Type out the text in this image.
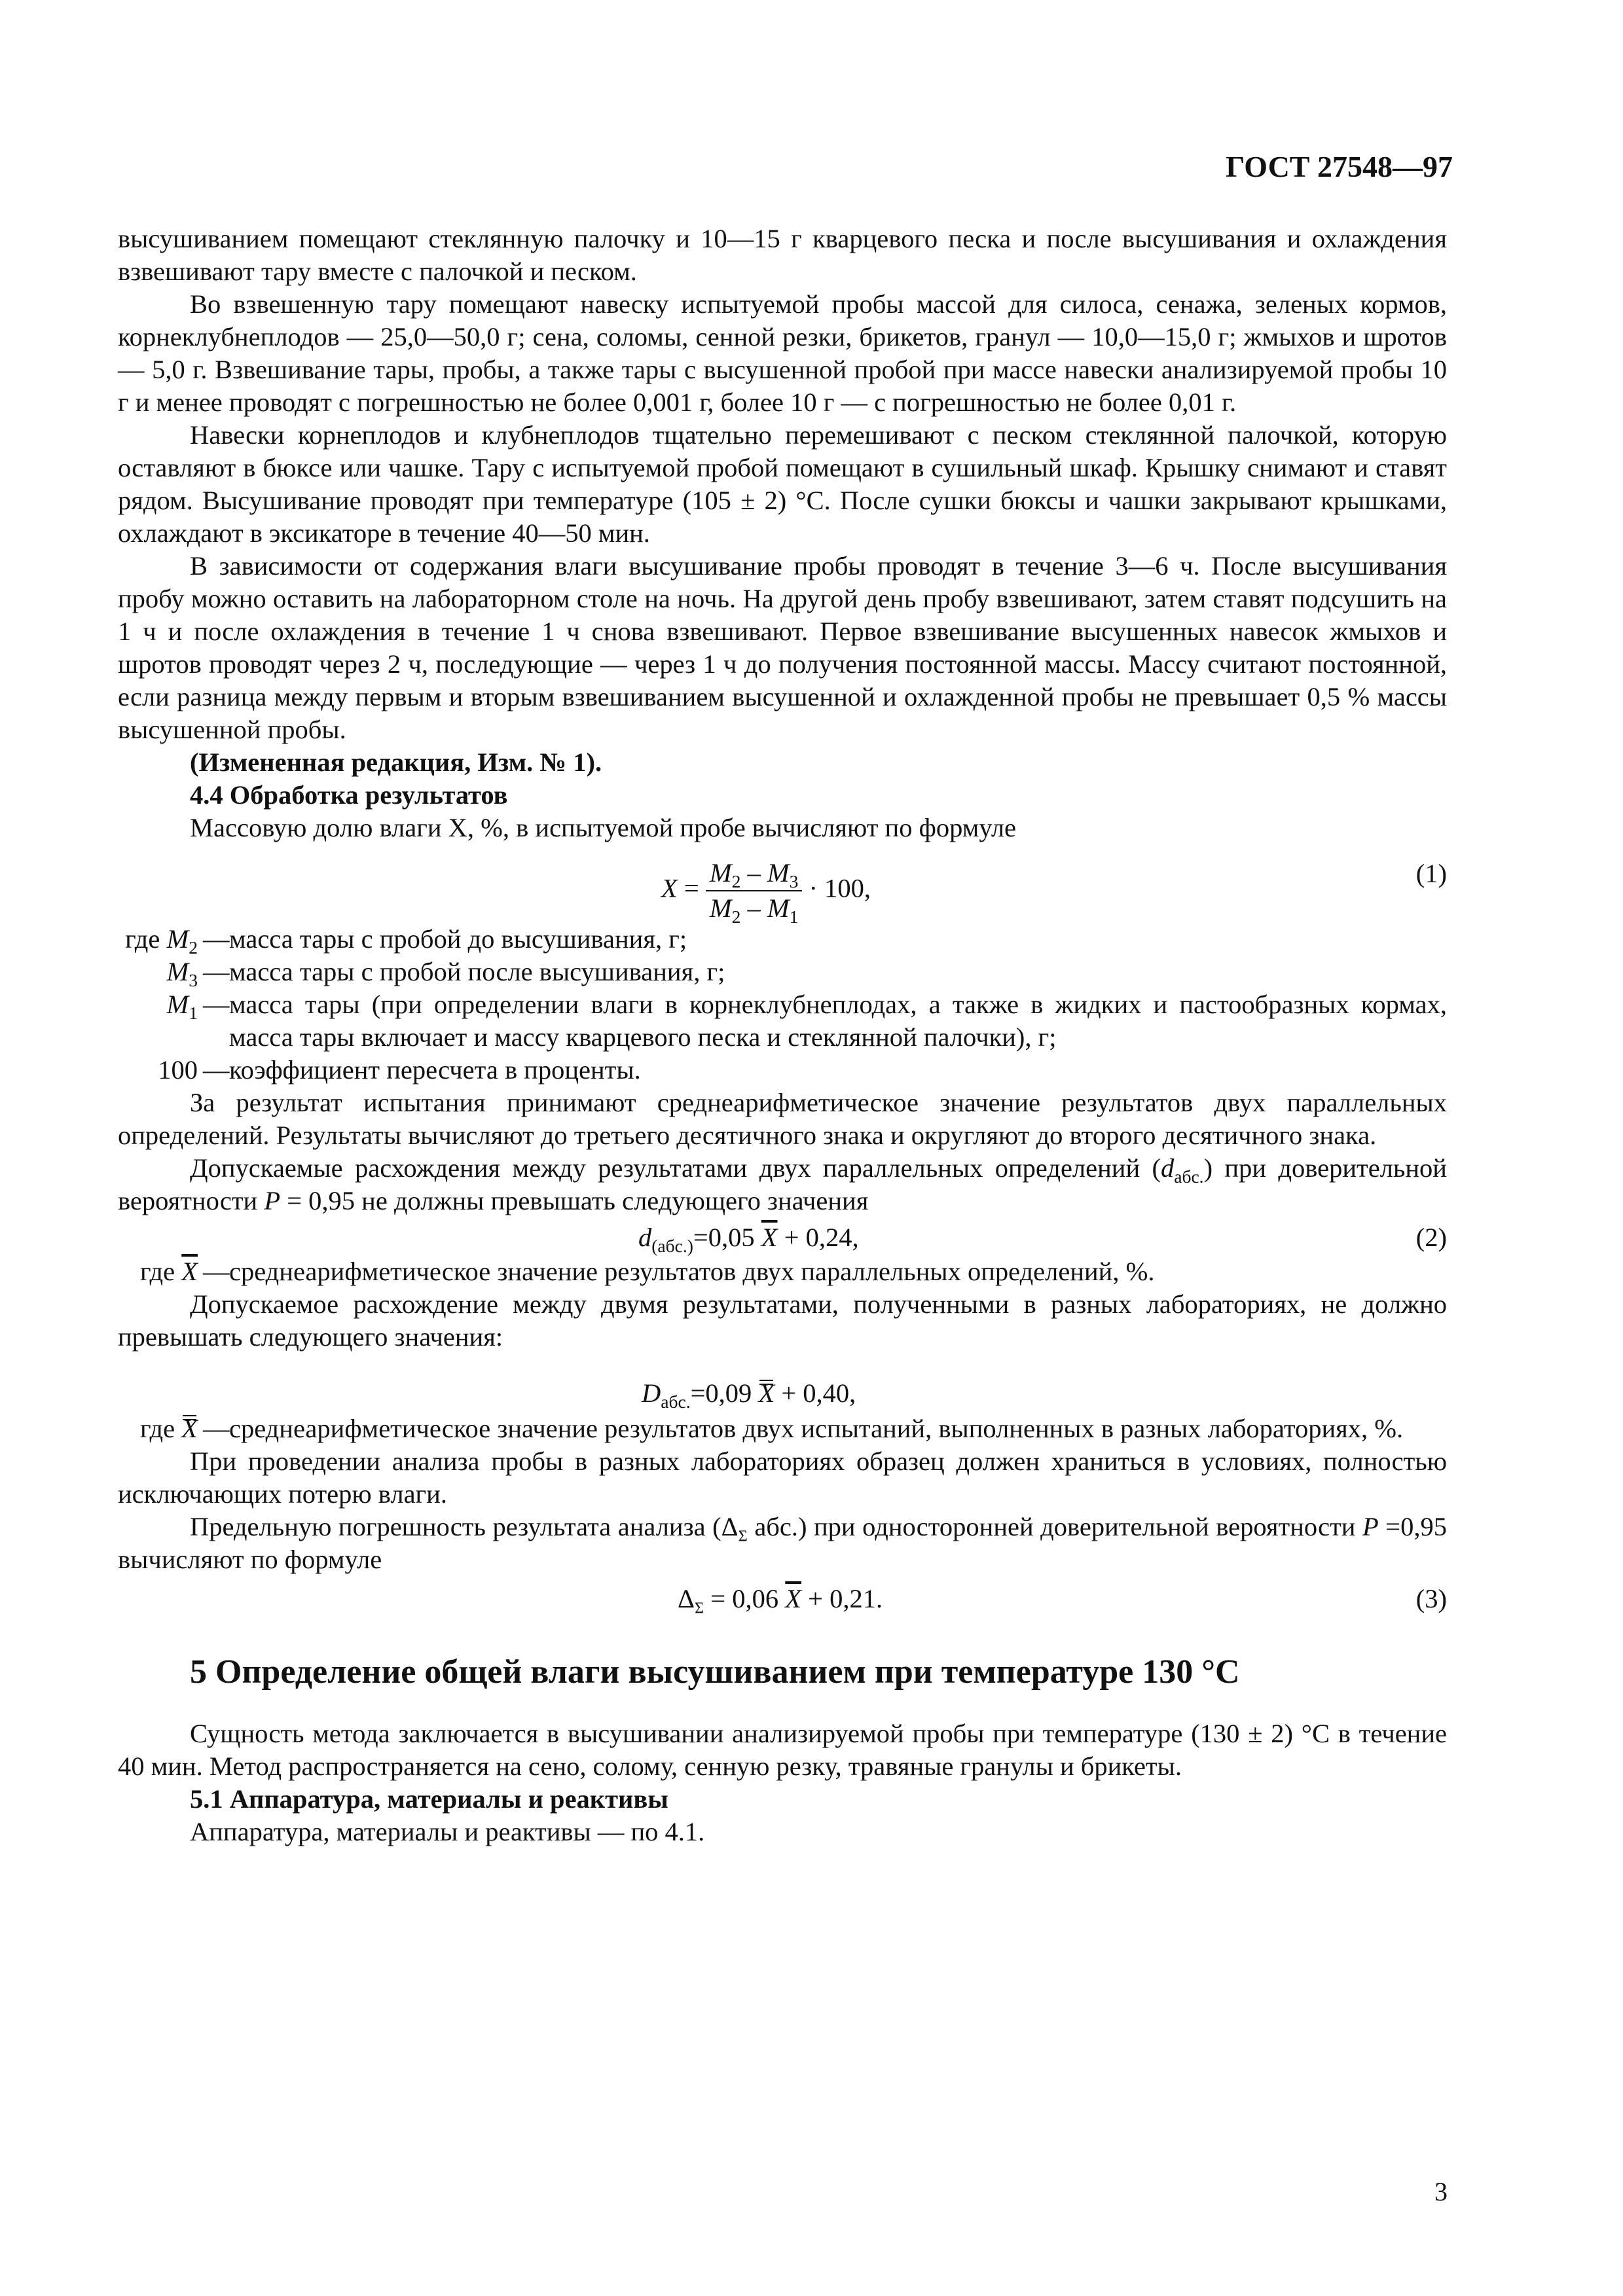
ГОСТ 27548—97

высушиванием помещают стеклянную палочку и 10—15 г кварцевого песка и после высушивания и охлаждения взвешивают тару вместе с палочкой и песком.

Во взвешенную тару помещают навеску испытуемой пробы массой для силоса, сенажа, зеленых кормов, корнеклубнеплодов — 25,0—50,0 г; сена, соломы, сенной резки, брикетов, гранул — 10,0—15,0 г; жмыхов и шротов — 5,0 г. Взвешивание тары, пробы, а также тары с высушенной пробой при массе навески анализируемой пробы 10 г и менее проводят с погрешностью не более 0,001 г, более 10 г — с погрешностью не более 0,01 г.

Навески корнеплодов и клубнеплодов тщательно перемешивают с песком стеклянной палочкой, которую оставляют в бюксе или чашке. Тару с испытуемой пробой помещают в сушильный шкаф. Крышку снимают и ставят рядом. Высушивание проводят при температуре (105 ± 2) °С. После сушки бюксы и чашки закрывают крышками, охлаждают в эксикаторе в течение 40—50 мин.

В зависимости от содержания влаги высушивание пробы проводят в течение 3—6 ч. После высушивания пробу можно оставить на лабораторном столе на ночь. На другой день пробу взвешивают, затем ставят подсушить на 1 ч и после охлаждения в течение 1 ч снова взвешивают. Первое взвешивание высушенных навесок жмыхов и шротов проводят через 2 ч, последующие — через 1 ч до получения постоянной массы. Массу считают постоянной, если разница между первым и вторым взвешиванием высушенной и охлажденной пробы не превышает 0,5 % массы высушенной пробы.

(Измененная редакция, Изм. № 1).

4.4 Обработка результатов

Массовую долю влаги X, %, в испытуемой пробе вычисляют по формуле

$X = \frac{M_2 - M_3}{M_2 - M_1} \cdot 100$,	(1)
где $M_2$ — масса тары с пробой до высушивания, г;
$M_3$ — масса тары с пробой после высушивания, г;
$M_1$ — масса тары (при определении влаги в корнеклубнеплодах, а также в жидких и пастообразных кормах, масса тары включает и массу кварцевого песка и стеклянной палочки), г;
100 — коэффициент пересчета в проценты.

За результат испытания принимают среднеарифметическое значение результатов двух параллельных определений. Результаты вычисляют до третьего десятичного знака и округляют до второго десятичного знака.

Допускаемые расхождения между результатами двух параллельных определений $(d_{абс.})$ при доверительной вероятности P = 0,95 не должны превышать следующего значения

$d_{(абс.)}=0,05$ $\overline{X} + 0,24$,	(2)
где $\overline{X}$ — среднеарифметическое значение результатов двух параллельных определений, %.

Допускаемое расхождение между двумя результатами, полученными в разных лабораториях, не должно превышать следующего значения:

$D_{абс.}=0,09$ X + 0,40,
где X — среднеарифметическое значение результатов двух испытаний, выполненных в разных лабораториях, %.

При проведении анализа пробы в разных лабораториях образец должен храниться в условиях, полностью исключающих потерю влаги.

Предельную погрешность результата анализа ($\Delta_\Sigma$ абс.) при односторонней доверительной вероятности P =0,95 вычисляют по формуле

$\Delta_\Sigma = 0,06$ $\overline{X} + 0,21$.	(3)

5 Определение общей влаги высушиванием при температуре 130 °С

Сущность метода заключается в высушивании анализируемой пробы при температуре (130 ± 2) °С в течение 40 мин. Метод распространяется на сено, солому, сенную резку, травяные гранулы и брикеты.

5.1 Аппаратура, материалы и реактивы

Аппаратура, материалы и реактивы — по 4.1.

3
